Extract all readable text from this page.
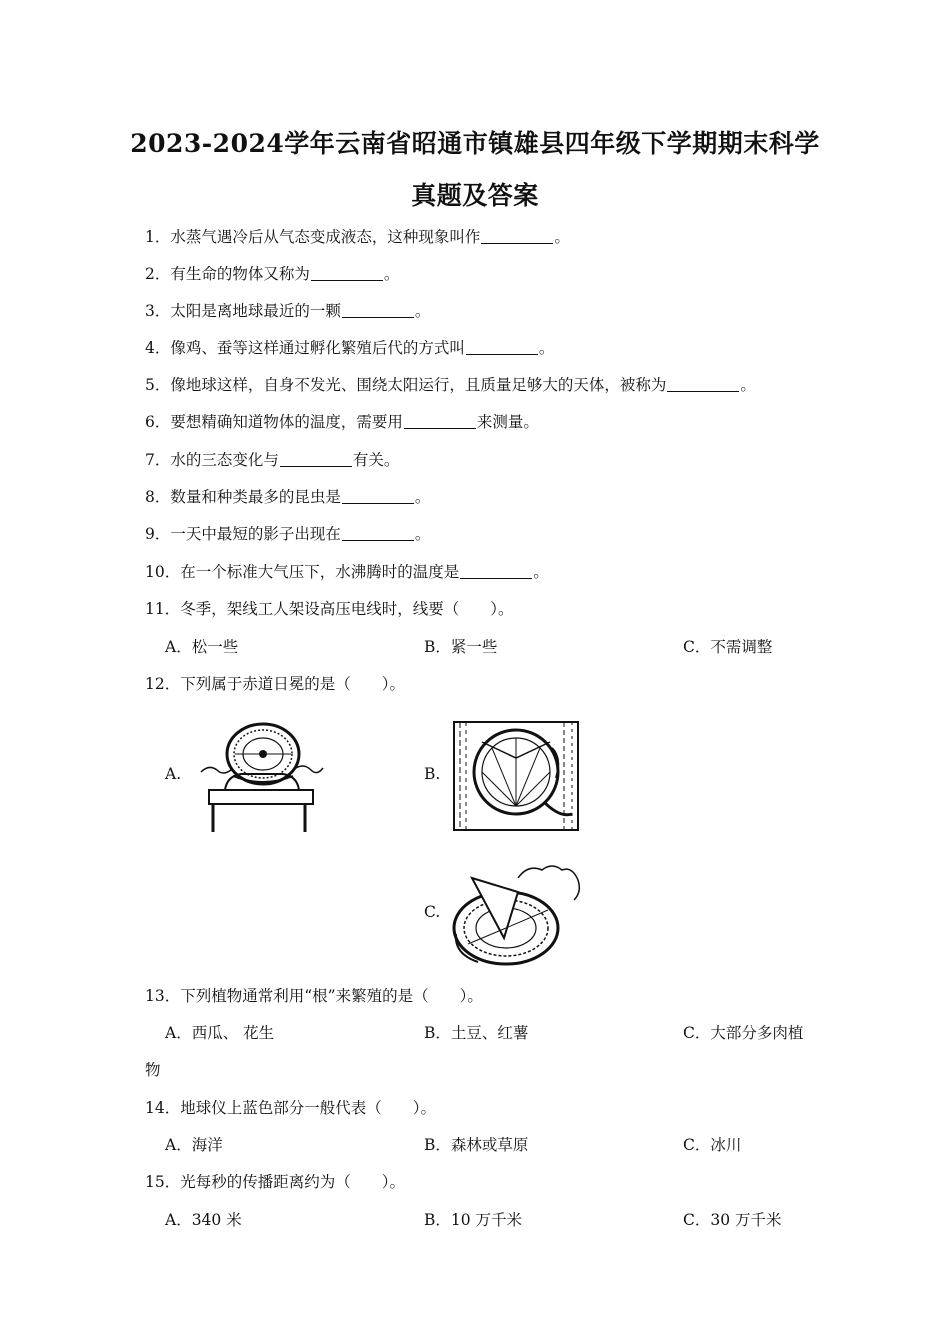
2023-2024学年云南省昭通市镇雄县四年级下学期期末科学
真题及答案
1．水蒸气遇冷后从气态变成液态，这种现象叫作	。
2．有生命的物体又称为	。
3．太阳是离地球最近的一颗	。
4．像鸡、蚕等这样通过孵化繁殖后代的方式叫	。
5．像地球这样，自身不发光、围绕太阳运行，且质量足够大的天体，被称为	。
6．要想精确知道物体的温度，需要用	来测量。
7．水的三态变化与	有关。
8．数量和种类最多的昆虫是	。
9．一天中最短的影子出现在	。
10．在一个标准大气压下，水沸腾时的温度是	。
11．冬季，架线工人架设高压电线时，线要（　　）。
A．松一些	B．紧一些	C．不需调整
12．下列属于赤道日冕的是（　　）。
A.	B.
C.
13．下列植物通常利用“根”来繁殖的是（　　）。
A．西瓜、 花生	B．土豆、红薯	C．大部分多肉植
物
14．地球仪上蓝色部分一般代表（　　）。
A．海洋	B．森林或草原	C．冰川
15．光每秒的传播距离约为（　　）。
A．340 米	B．10 万千米	C．30 万千米
